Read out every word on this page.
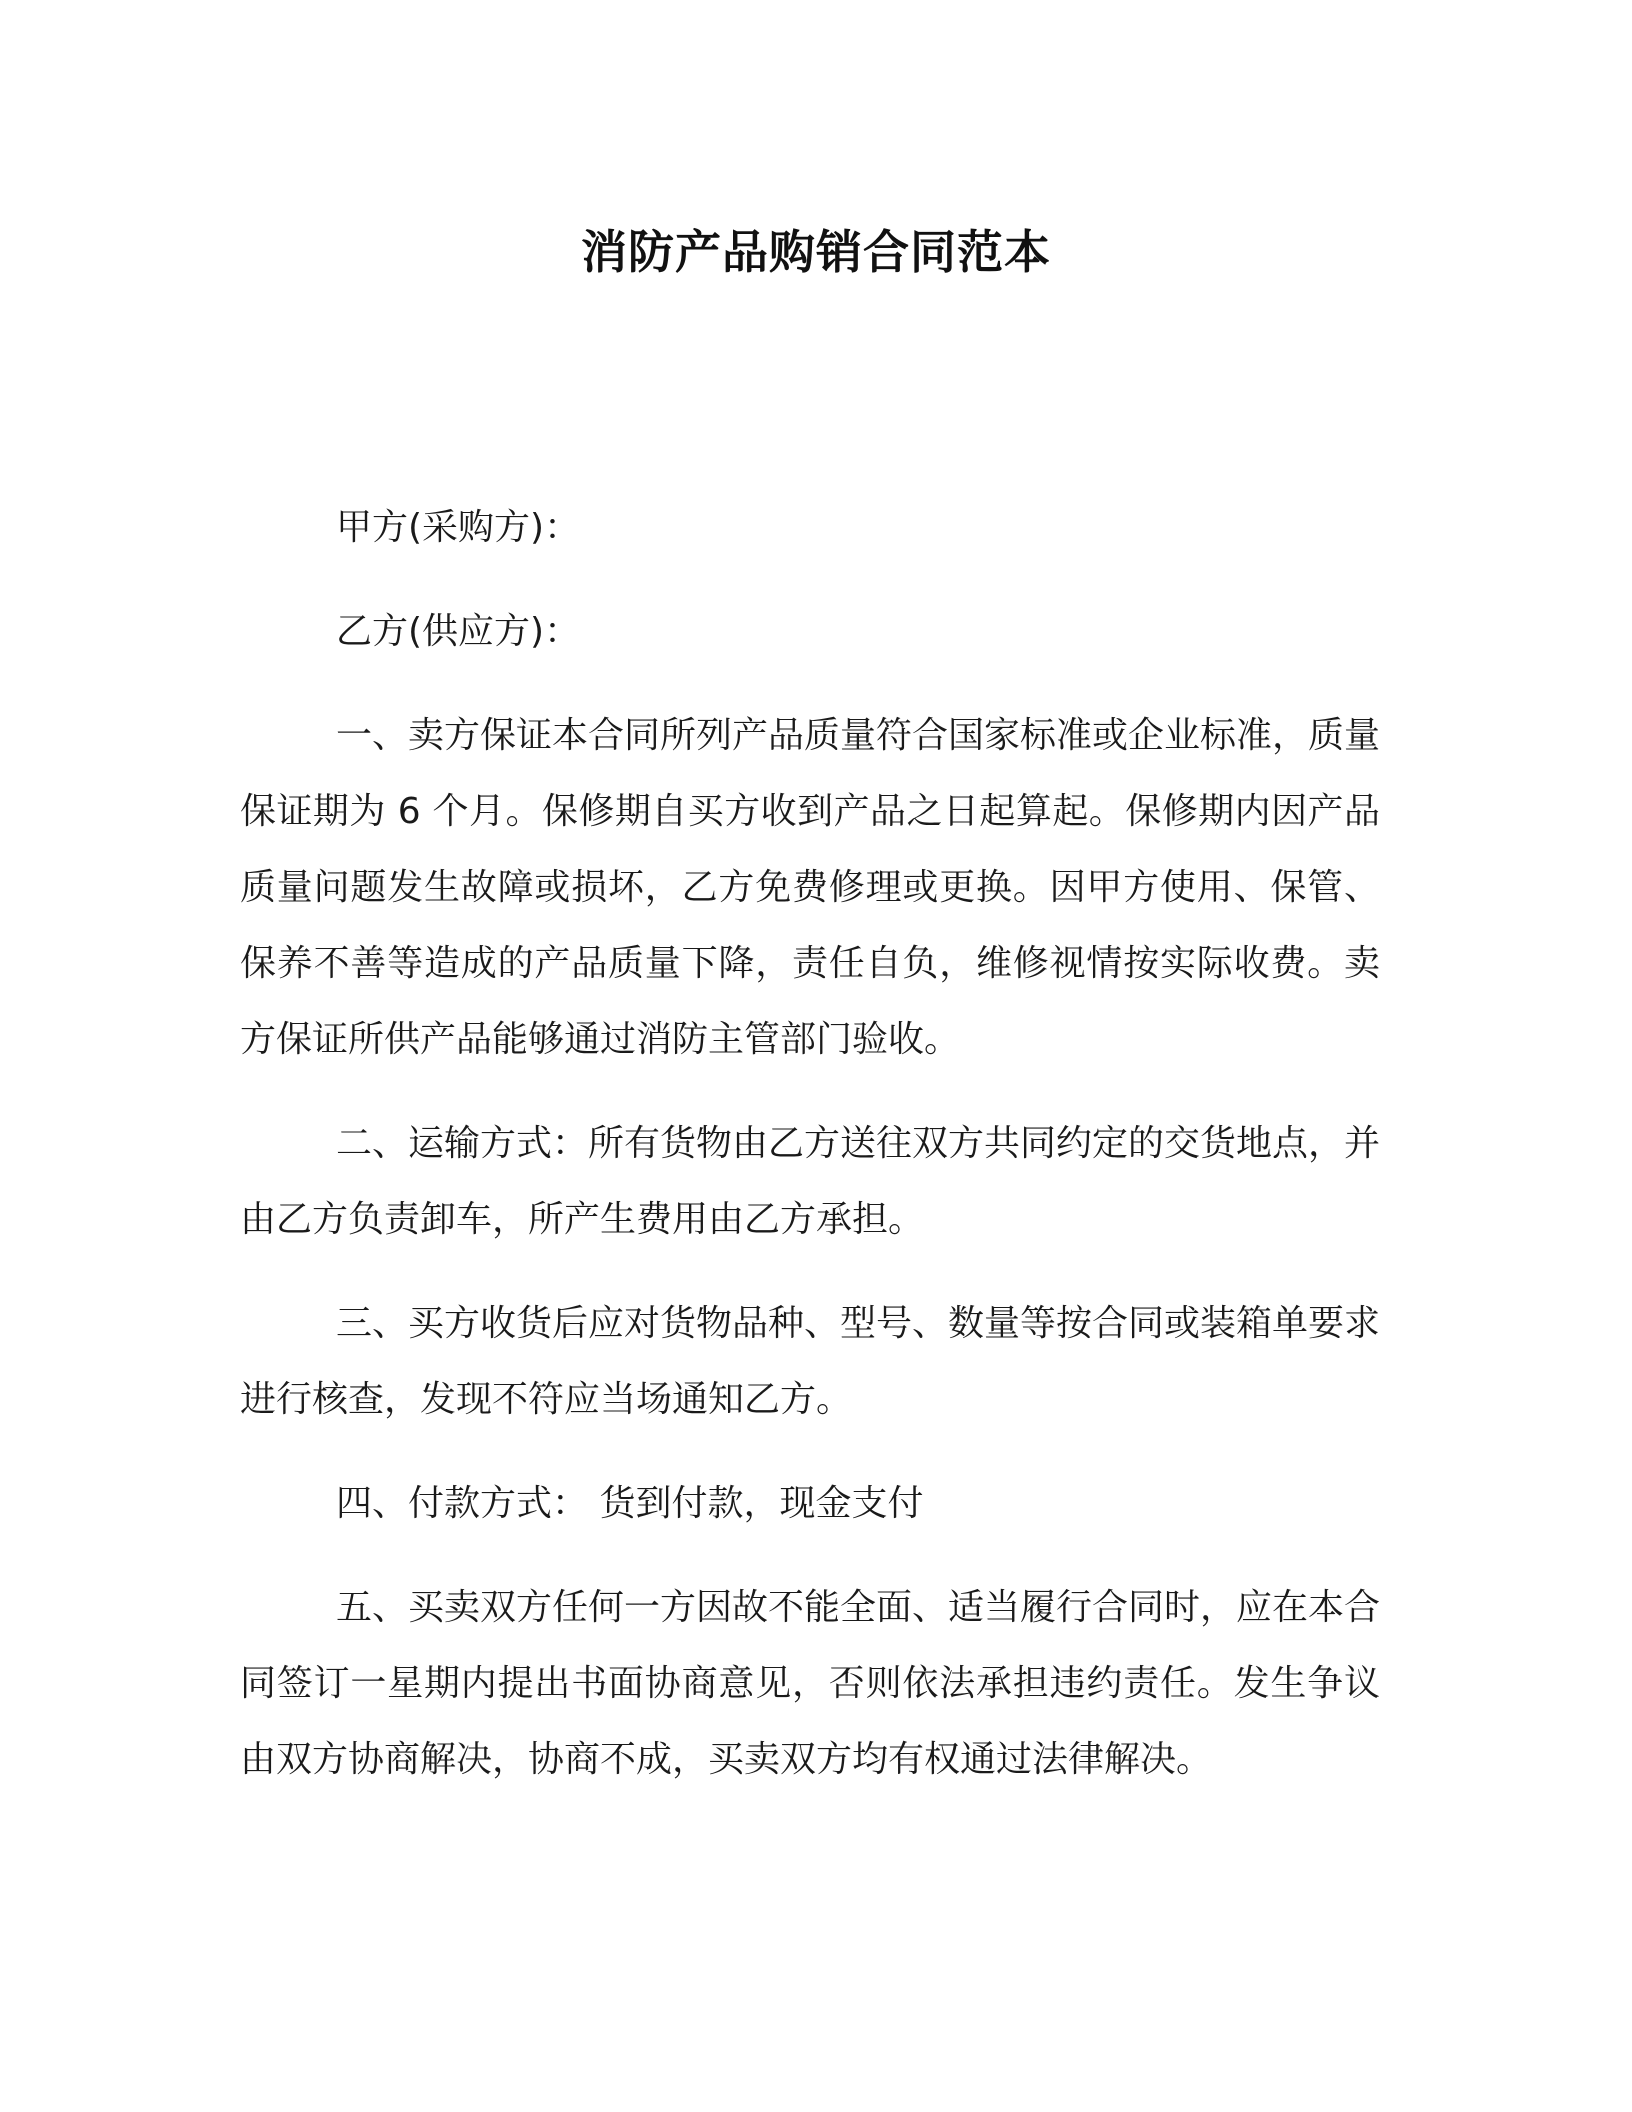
消防产品购销合同范本

甲方(采购方)：

乙方(供应方)：

一、卖方保证本合同所列产品质量符合国家标准或企业标准，质量保证期为 6 个月。保修期自买方收到产品之日起算起。保修期内因产品质量问题发生故障或损坏，乙方免费修理或更换。因甲方使用、保管、保养不善等造成的产品质量下降，责任自负，维修视情按实际收费。卖方保证所供产品能够通过消防主管部门验收。

二、运输方式：所有货物由乙方送往双方共同约定的交货地点，并由乙方负责卸车，所产生费用由乙方承担。

三、买方收货后应对货物品种、型号、数量等按合同或装箱单要求进行核查，发现不符应当场通知乙方。

四、付款方式： 货到付款，现金支付

五、买卖双方任何一方因故不能全面、适当履行合同时，应在本合同签订一星期内提出书面协商意见，否则依法承担违约责任。发生争议由双方协商解决，协商不成，买卖双方均有权通过法律解决。
